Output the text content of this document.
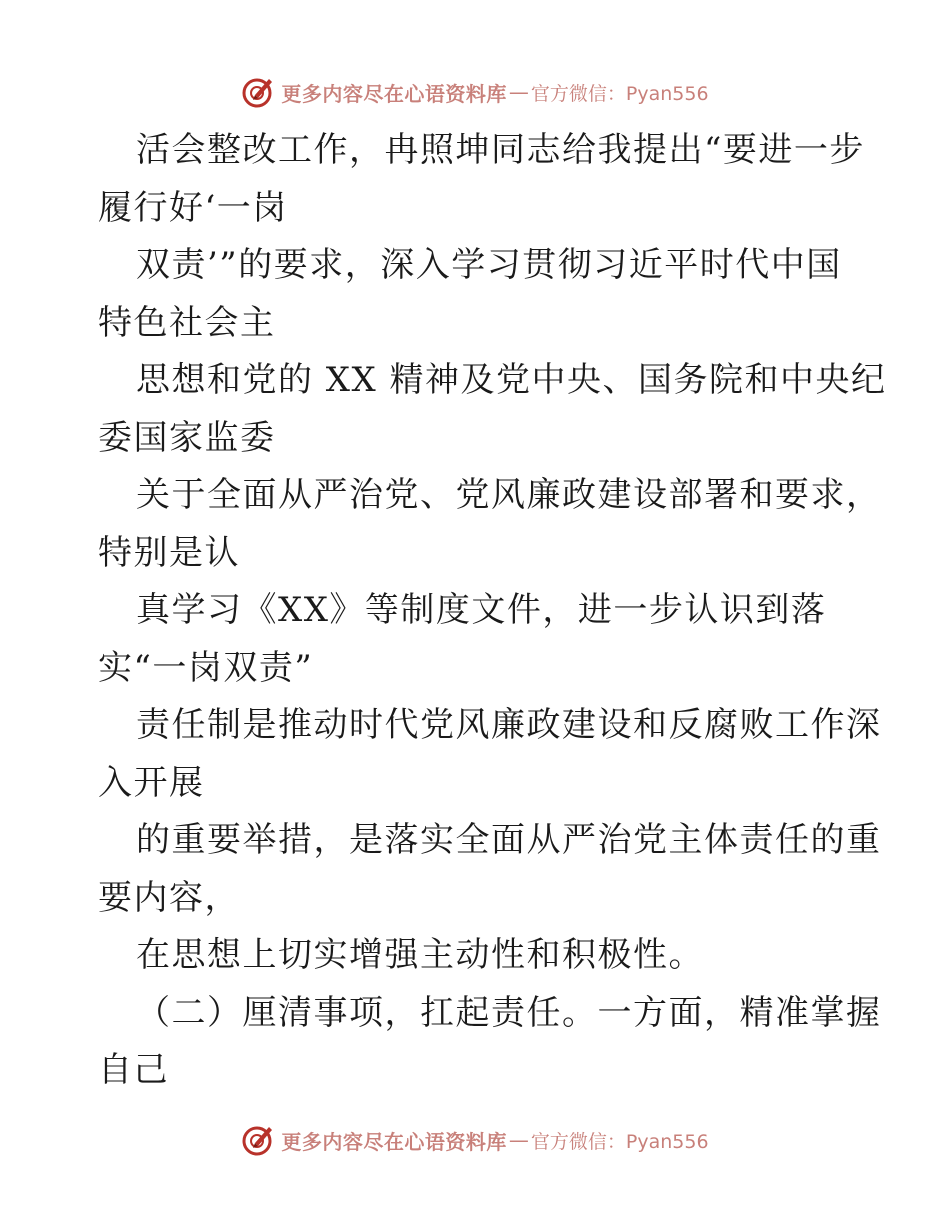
更多内容尽在心语资料库 — 官方微信：Pyan556
活会整改工作，冉照坤同志给我提出“要进一步
履行好‘一岗
双责’”的要求，深入学习贯彻习近平时代中国
特色社会主
思想和党的 XX 精神及党中央、国务院和中央纪
委国家监委
关于全面从严治党、党风廉政建设部署和要求，
特别是认
真学习《XX》等制度文件，进一步认识到落
实“一岗双责”
责任制是推动时代党风廉政建设和反腐败工作深
入开展
的重要举措，是落实全面从严治党主体责任的重
要内容，
在思想上切实增强主动性和积极性。
（二）厘清事项，扛起责任。一方面，精准掌握
自己
更多内容尽在心语资料库 — 官方微信：Pyan556
